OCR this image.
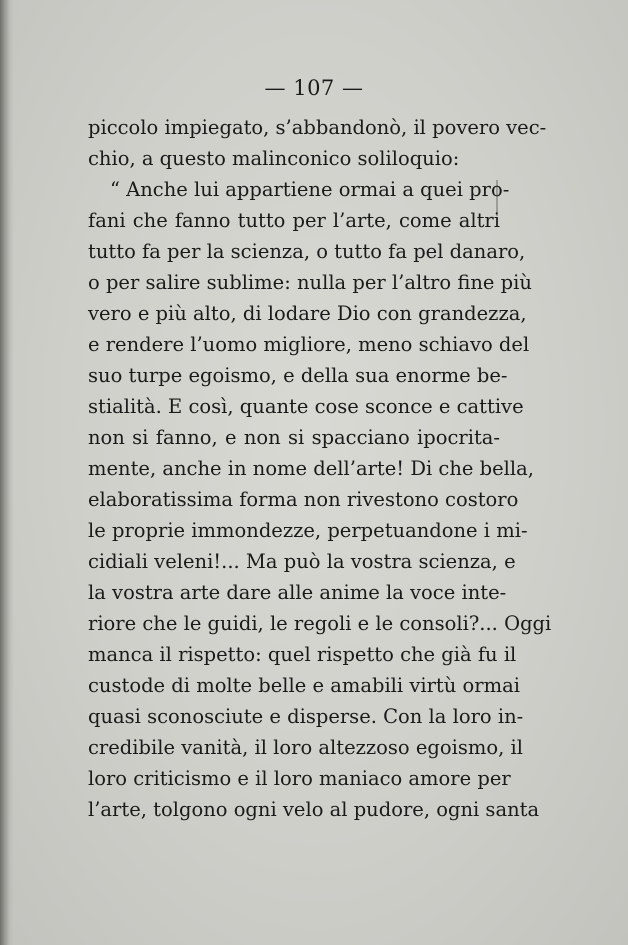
— 107 —
piccolo impiegato, s’abbandonò, il povero vec-
chio, a questo malinconico soliloquio:
“ Anche lui appartiene ormai a quei pro-
fani che fanno tutto per l’arte, come altri
tutto fa per la scienza, o tutto fa pel danaro,
o per salire sublime: nulla per l’altro fine più
vero e più alto, di lodare Dio con grandezza,
e rendere l’uomo migliore, meno schiavo del
suo turpe egoismo, e della sua enorme be-
stialità. E così, quante cose sconce e cattive
non si fanno, e non si spacciano ipocrita-
mente, anche in nome dell’arte! Di che bella,
elaboratissima forma non rivestono costoro
le proprie immondezze, perpetuandone i mi-
cidiali veleni!... Ma può la vostra scienza, e
la vostra arte dare alle anime la voce inte-
riore che le guidi, le regoli e le consoli?... Oggi
manca il rispetto: quel rispetto che già fu il
custode di molte belle e amabili virtù ormai
quasi sconosciute e disperse. Con la loro in-
credibile vanità, il loro altezzoso egoismo, il
loro criticismo e il loro maniaco amore per
l’arte, tolgono ogni velo al pudore, ogni santa
